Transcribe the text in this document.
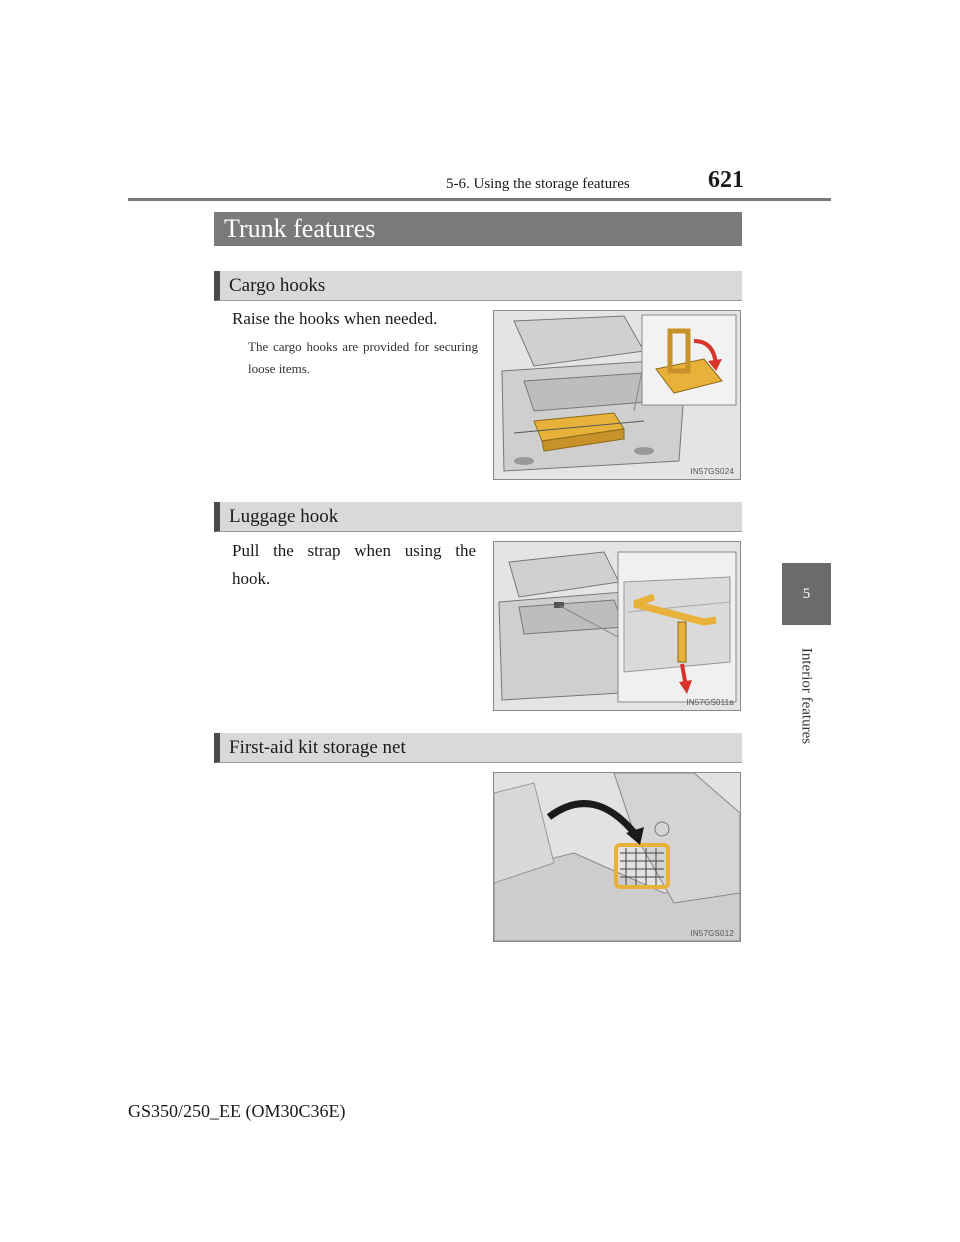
5-6. Using the storage features	621
5
Interior features
Trunk features
Cargo hooks
Raise the hooks when needed.
The cargo hooks are provided for securing loose items.
IN57GS024
Luggage hook
Pull the strap when using the
hook.
IN57GS011a
First-aid kit storage net
IN57GS012
GS350/250_EE (OM30C36E)
